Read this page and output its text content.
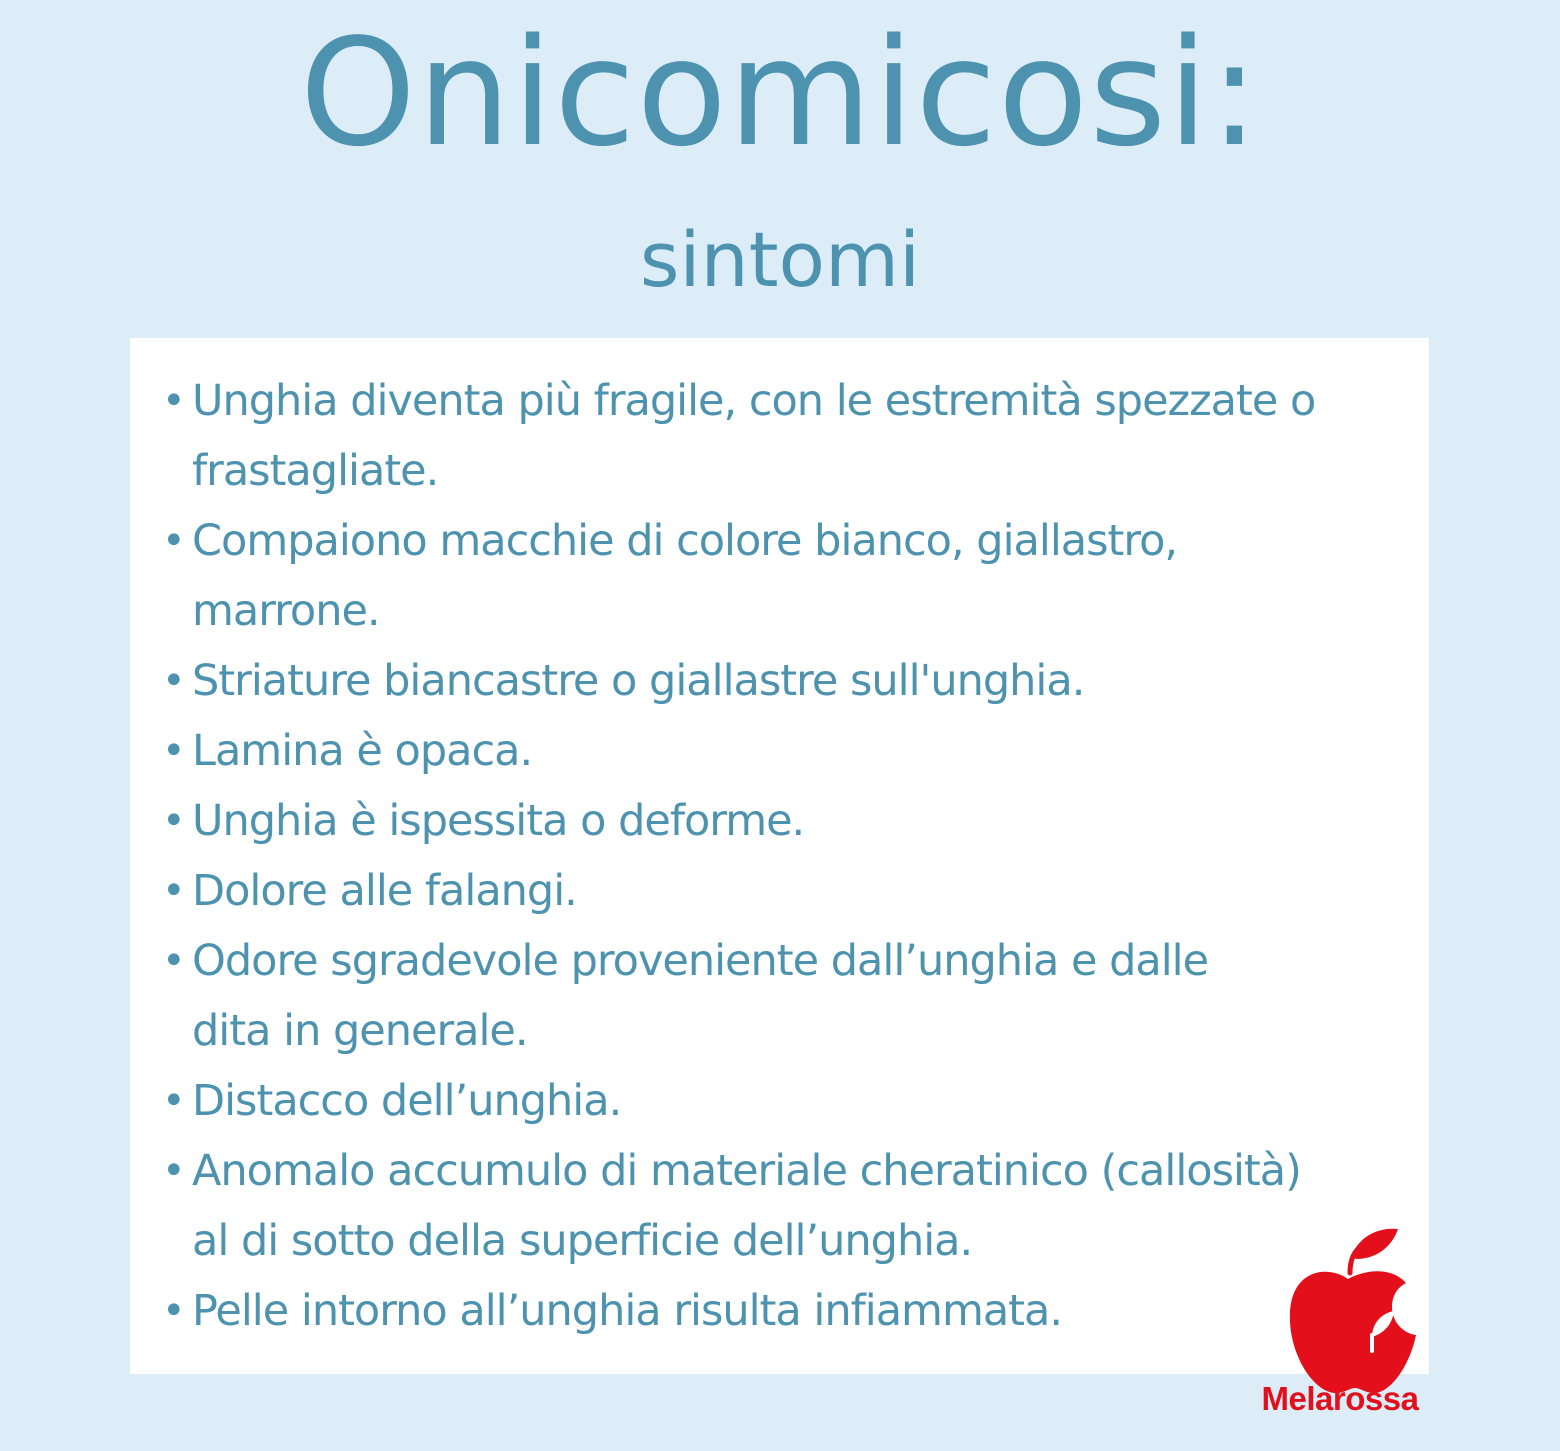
Onicomicosi:
sintomi
• Unghia diventa più fragile, con le estremità spezzate o
frastagliate.
• Compaiono macchie di colore bianco, giallastro,
marrone.
• Striature biancastre o giallastre sull'unghia.
• Lamina è opaca.
• Unghia è ispessita o deforme.
• Dolore alle falangi.
• Odore sgradevole proveniente dall’unghia e dalle
dita in generale.
• Distacco dell’unghia.
• Anomalo accumulo di materiale cheratinico (callosità)
al di sotto della superficie dell’unghia.
• Pelle intorno all’unghia risulta infiammata.
Melarossa
